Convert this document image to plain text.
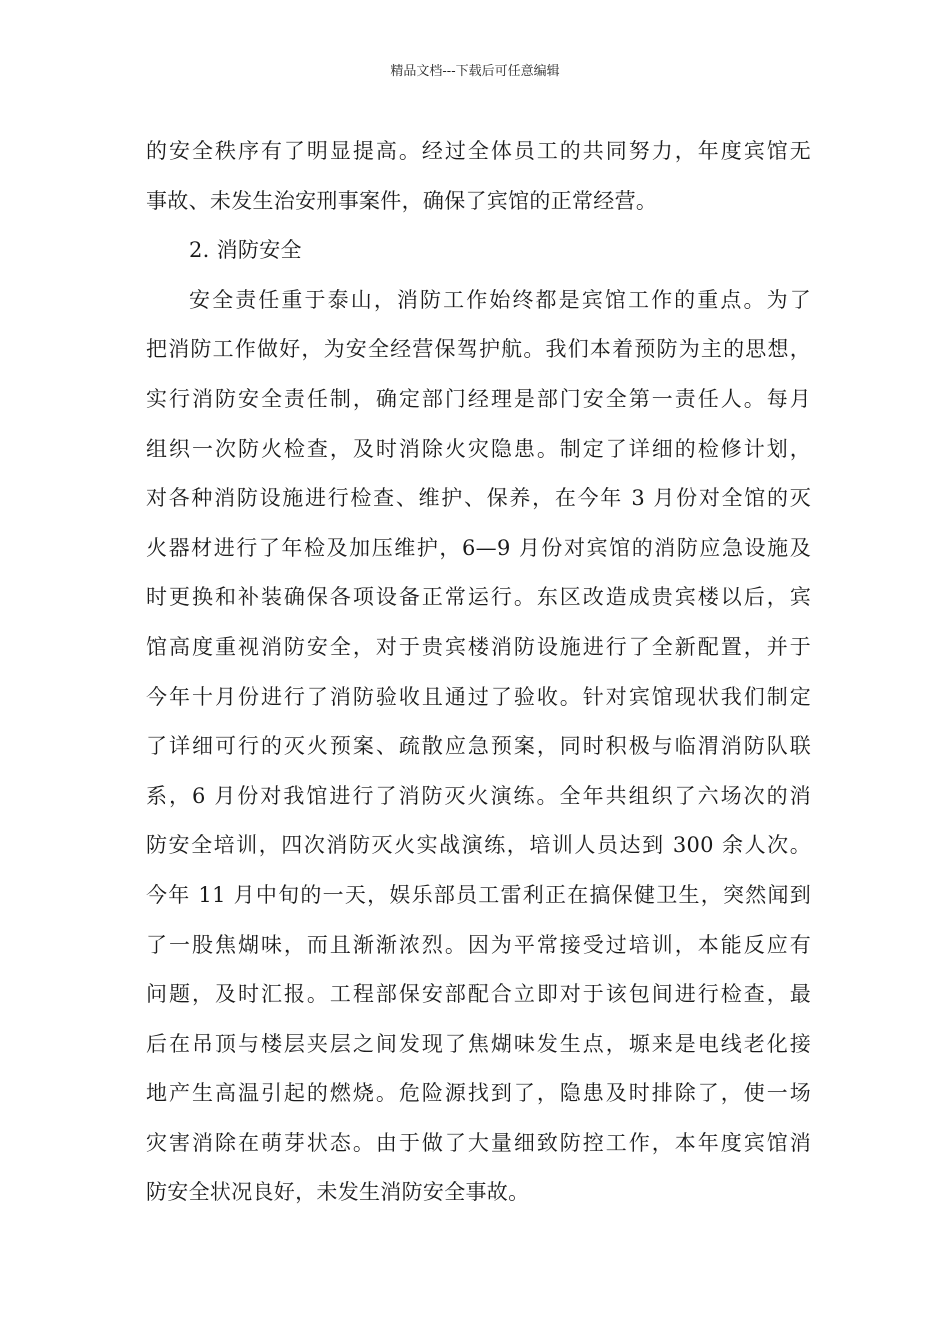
精品文档---下载后可任意编辑
的安全秩序有了明显提高。经过全体员工的共同努力，年度宾馆无
事故、未发生治安刑事案件，确保了宾馆的正常经营。
2. 消防安全
安全责任重于泰山，消防工作始终都是宾馆工作的重点。为了
把消防工作做好，为安全经营保驾护航。我们本着预防为主的思想，
实行消防安全责任制，确定部门经理是部门安全第一责任人。每月
组织一次防火检查，及时消除火灾隐患。制定了详细的检修计划，
对各种消防设施进行检查、维护、保养，在今年 3 月份对全馆的灭
火器材进行了年检及加压维护，6—9 月份对宾馆的消防应急设施及
时更换和补装确保各项设备正常运行。东区改造成贵宾楼以后，宾
馆高度重视消防安全，对于贵宾楼消防设施进行了全新配置，并于
今年十月份进行了消防验收且通过了验收。针对宾馆现状我们制定
了详细可行的灭火预案、疏散应急预案，同时积极与临渭消防队联
系，6 月份对我馆进行了消防灭火演练。全年共组织了六场次的消
防安全培训，四次消防灭火实战演练，培训人员达到 300 余人次。
今年 11 月中旬的一天，娱乐部员工雷利正在搞保健卫生，突然闻到
了一股焦煳味，而且渐渐浓烈。因为平常接受过培训，本能反应有
问题，及时汇报。工程部保安部配合立即对于该包间进行检查，最
后在吊顶与楼层夹层之间发现了焦煳味发生点，塬来是电线老化接
地产生高温引起的燃烧。危险源找到了，隐患及时排除了，使一场
灾害消除在萌芽状态。由于做了大量细致防控工作，本年度宾馆消
防安全状况良好，未发生消防安全事故。
